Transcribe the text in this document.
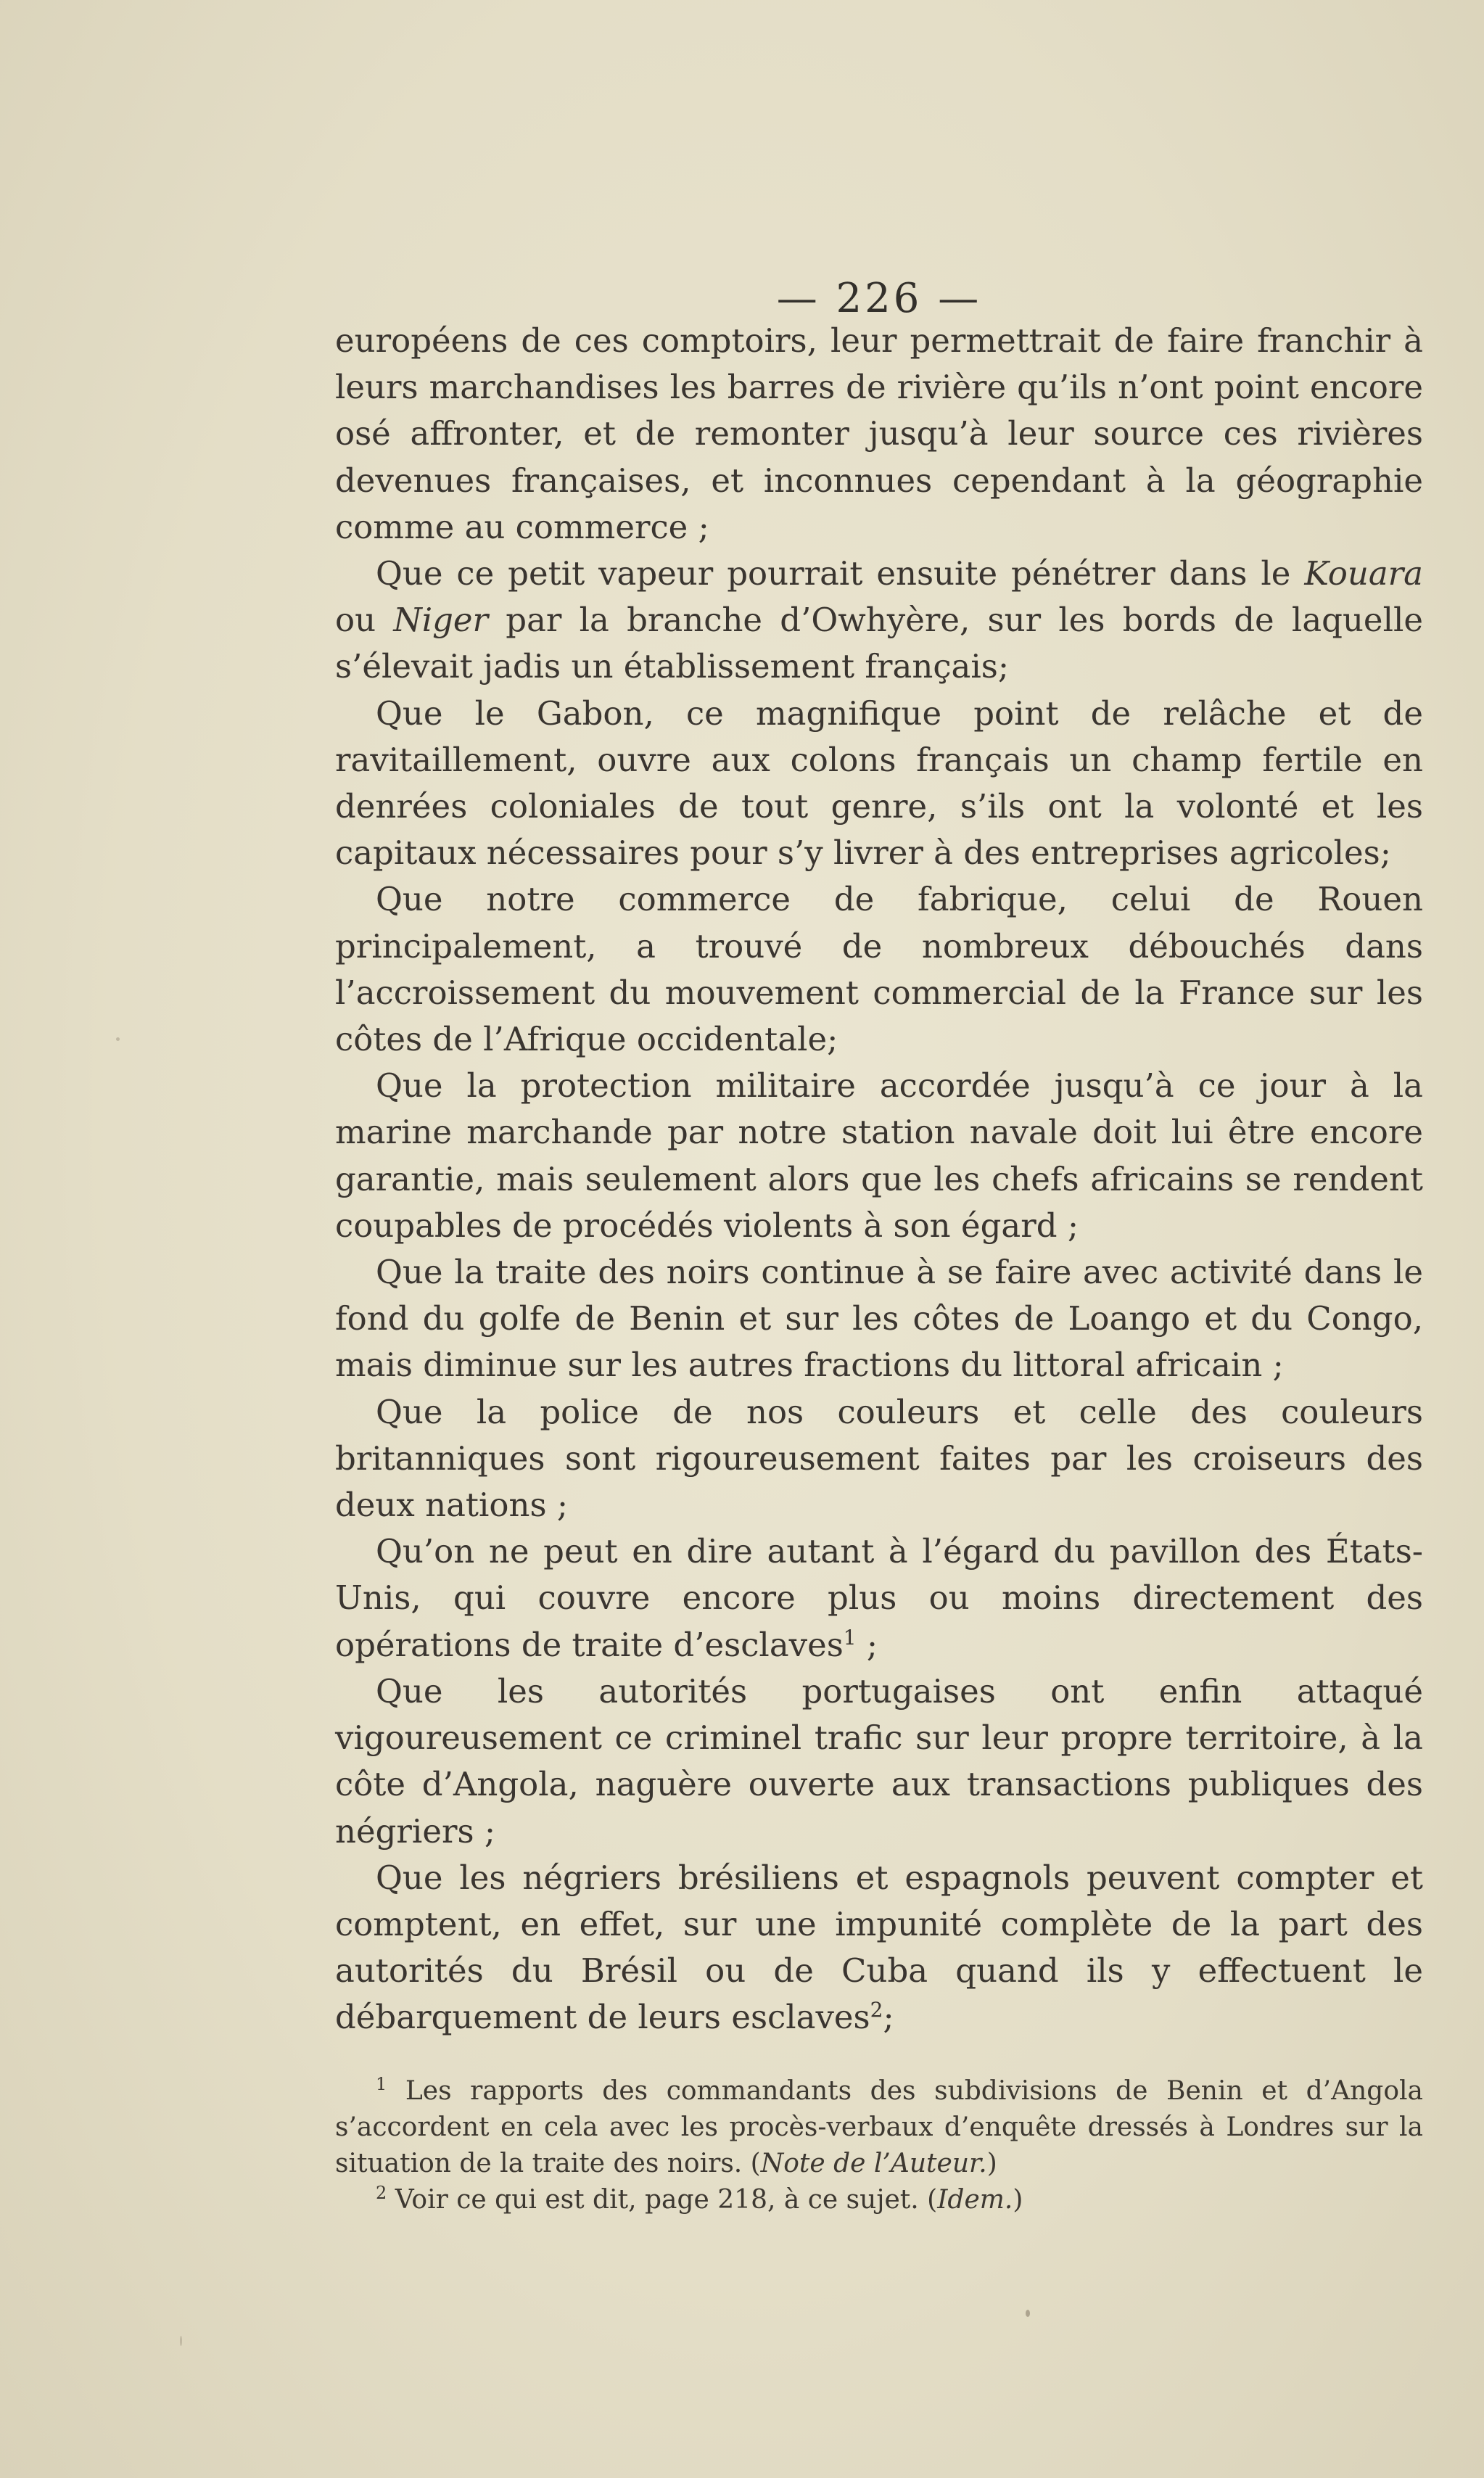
— 226 —

européens de ces comptoirs, leur permettrait de faire franchir à leurs marchandises les barres de rivière qu’ils n’ont point encore osé affronter, et de remonter jusqu’à leur source ces rivières devenues françaises, et inconnues cependant à la géographie comme au commerce ;

Que ce petit vapeur pourrait ensuite pénétrer dans le Kouara ou Niger par la branche d’Owhyère, sur les bords de laquelle s’élevait jadis un établissement français;

Que le Gabon, ce magnifique point de relâche et de ravitaillement, ouvre aux colons français un champ fertile en denrées coloniales de tout genre, s’ils ont la volonté et les capitaux nécessaires pour s’y livrer à des entreprises agricoles;

Que notre commerce de fabrique, celui de Rouen principalement, a trouvé de nombreux débouchés dans l’accroissement du mouvement commercial de la France sur les côtes de l’Afrique occidentale;

Que la protection militaire accordée jusqu’à ce jour à la marine marchande par notre station navale doit lui être encore garantie, mais seulement alors que les chefs africains se rendent coupables de procédés violents à son égard ;

Que la traite des noirs continue à se faire avec activité dans le fond du golfe de Benin et sur les côtes de Loango et du Congo, mais diminue sur les autres fractions du littoral africain ;

Que la police de nos couleurs et celle des couleurs britanniques sont rigoureusement faites par les croiseurs des deux nations ;

Qu’on ne peut en dire autant à l’égard du pavillon des États-Unis, qui couvre encore plus ou moins directement des opérations de traite d’esclaves$^1$ ;

Que les autorités portugaises ont enfin attaqué vigoureusement ce criminel trafic sur leur propre territoire, à la côte d’Angola, naguère ouverte aux transactions publiques des négriers ;

Que les négriers brésiliens et espagnols peuvent compter et comptent, en effet, sur une impunité complète de la part des autorités du Brésil ou de Cuba quand ils y effectuent le débarquement de leurs esclaves$^2$;

$^1$ Les rapports des commandants des subdivisions de Benin et d’Angola s’accordent en cela avec les procès-verbaux d’enquête dressés à Londres sur la situation de la traite des noirs. (Note de l’Auteur.)

$^2$ Voir ce qui est dit, page 218, à ce sujet. (Idem.)
